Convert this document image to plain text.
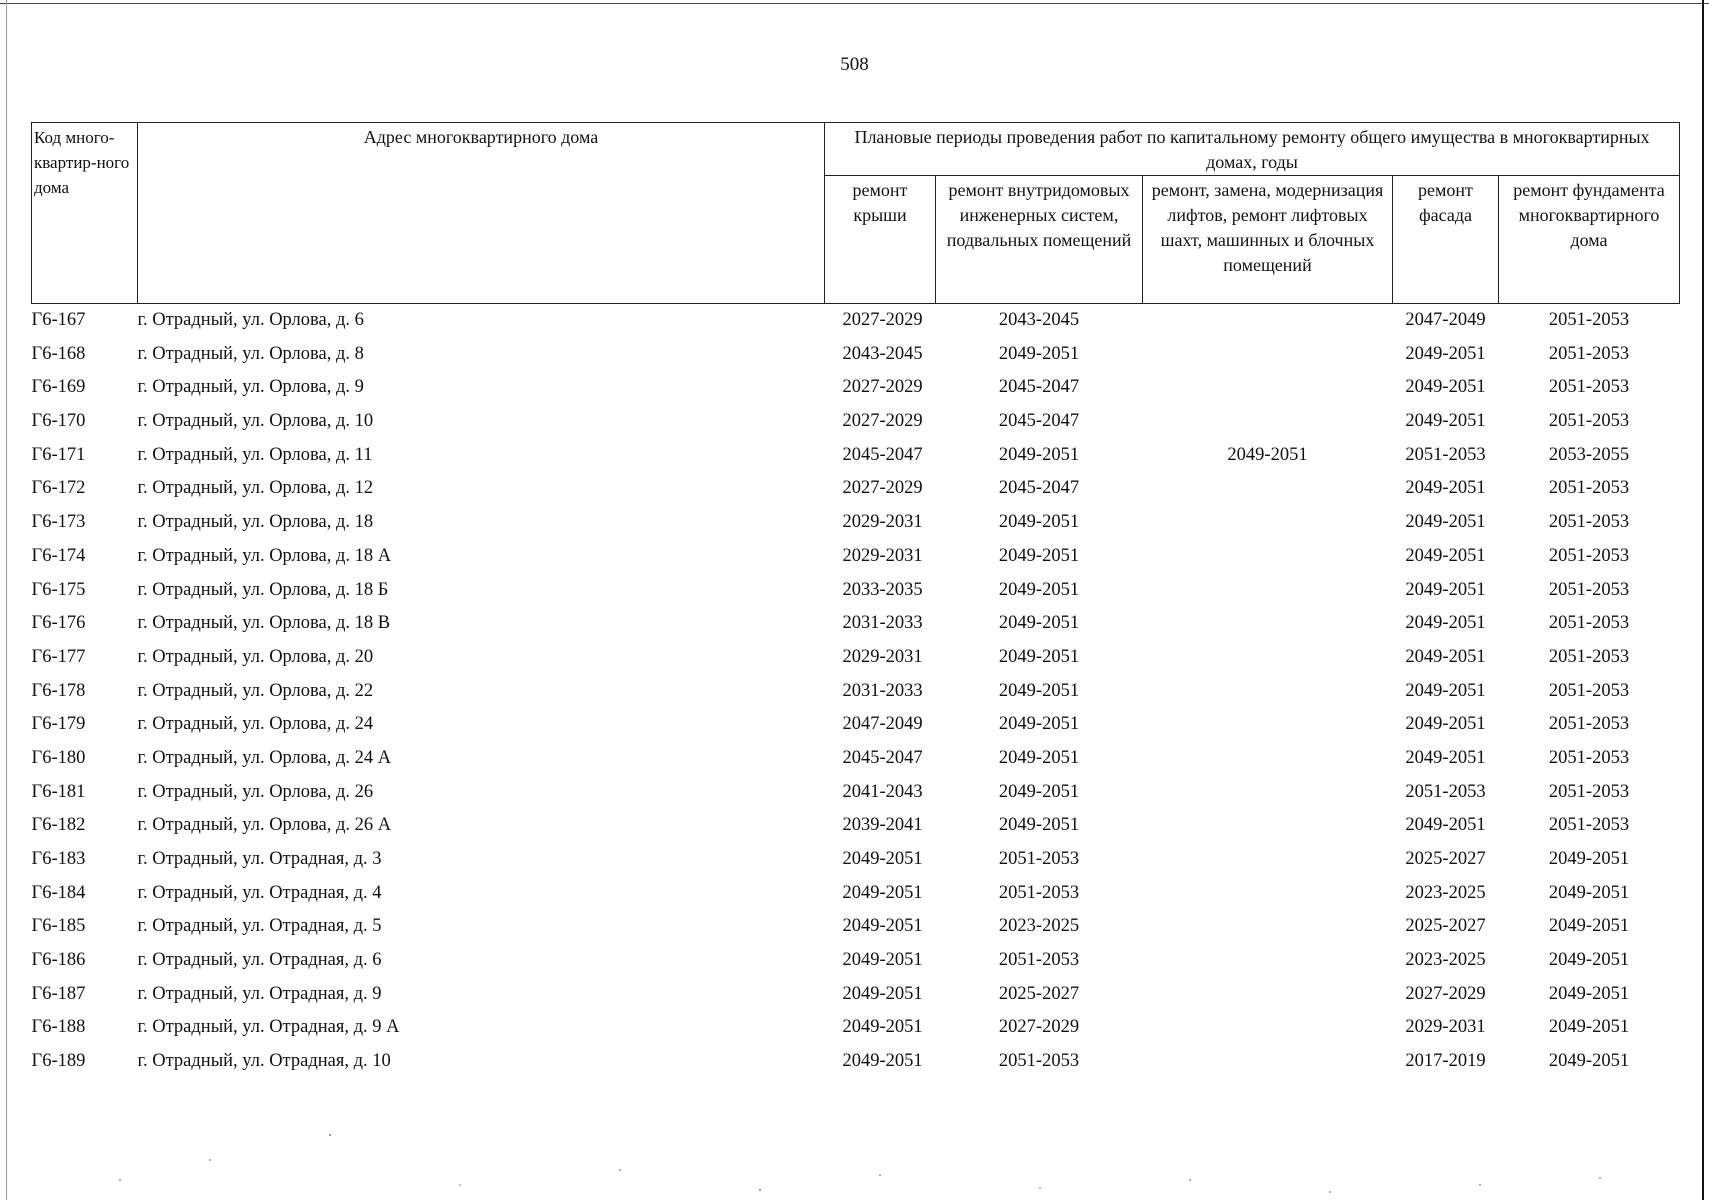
508
Код много-квартир-ного дома	Адрес многоквартирного дома	Плановые периоды проведения работ по капитальному ремонту общего имущества в многоквартирных домах, годы				
		ремонт крыши	ремонт внутридомовых инженерных систем, подвальных помещений	ремонт, замена, модернизация лифтов, ремонт лифтовых шахт, машинных и блочных помещений	ремонт фасада	ремонт фундамента многоквартирного дома
Г6-167	г. Отрадный, ул. Орлова, д. 6	2027-2029	2043-2045		2047-2049	2051-2053
Г6-168	г. Отрадный, ул. Орлова, д. 8	2043-2045	2049-2051		2049-2051	2051-2053
Г6-169	г. Отрадный, ул. Орлова, д. 9	2027-2029	2045-2047		2049-2051	2051-2053
Г6-170	г. Отрадный, ул. Орлова, д. 10	2027-2029	2045-2047		2049-2051	2051-2053
Г6-171	г. Отрадный, ул. Орлова, д. 11	2045-2047	2049-2051	2049-2051	2051-2053	2053-2055
Г6-172	г. Отрадный, ул. Орлова, д. 12	2027-2029	2045-2047		2049-2051	2051-2053
Г6-173	г. Отрадный, ул. Орлова, д. 18	2029-2031	2049-2051		2049-2051	2051-2053
Г6-174	г. Отрадный, ул. Орлова, д. 18 А	2029-2031	2049-2051		2049-2051	2051-2053
Г6-175	г. Отрадный, ул. Орлова, д. 18 Б	2033-2035	2049-2051		2049-2051	2051-2053
Г6-176	г. Отрадный, ул. Орлова, д. 18 В	2031-2033	2049-2051		2049-2051	2051-2053
Г6-177	г. Отрадный, ул. Орлова, д. 20	2029-2031	2049-2051		2049-2051	2051-2053
Г6-178	г. Отрадный, ул. Орлова, д. 22	2031-2033	2049-2051		2049-2051	2051-2053
Г6-179	г. Отрадный, ул. Орлова, д. 24	2047-2049	2049-2051		2049-2051	2051-2053
Г6-180	г. Отрадный, ул. Орлова, д. 24 А	2045-2047	2049-2051		2049-2051	2051-2053
Г6-181	г. Отрадный, ул. Орлова, д. 26	2041-2043	2049-2051		2051-2053	2051-2053
Г6-182	г. Отрадный, ул. Орлова, д. 26 А	2039-2041	2049-2051		2049-2051	2051-2053
Г6-183	г. Отрадный, ул. Отрадная, д. 3	2049-2051	2051-2053		2025-2027	2049-2051
Г6-184	г. Отрадный, ул. Отрадная, д. 4	2049-2051	2051-2053		2023-2025	2049-2051
Г6-185	г. Отрадный, ул. Отрадная, д. 5	2049-2051	2023-2025		2025-2027	2049-2051
Г6-186	г. Отрадный, ул. Отрадная, д. 6	2049-2051	2051-2053		2023-2025	2049-2051
Г6-187	г. Отрадный, ул. Отрадная, д. 9	2049-2051	2025-2027		2027-2029	2049-2051
Г6-188	г. Отрадный, ул. Отрадная, д. 9 А	2049-2051	2027-2029		2029-2031	2049-2051
Г6-189	г. Отрадный, ул. Отрадная, д. 10	2049-2051	2051-2053		2017-2019	2049-2051
